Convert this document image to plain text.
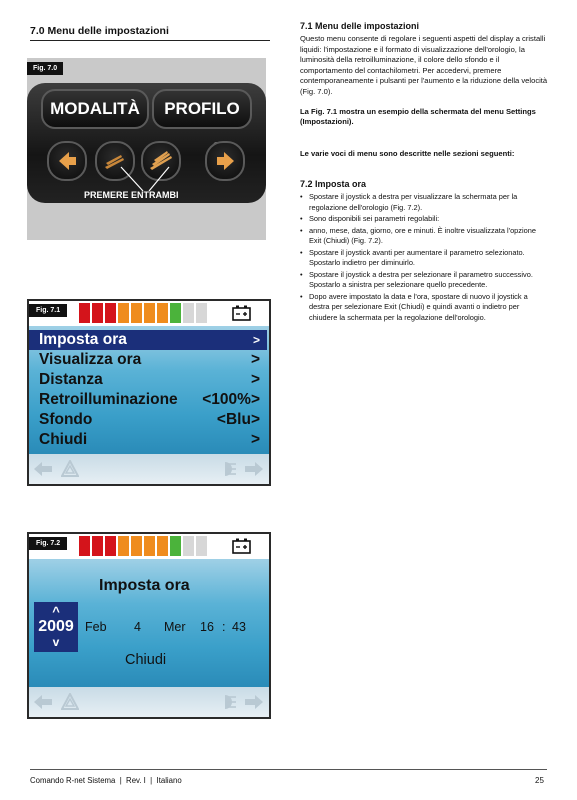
7.0 Menu delle impostazioni
Fig. 7.0
MODALITÀ	PROFILO
PREMERE ENTRAMBI
Fig. 7.1
Imposta ora	>
Visualizza ora	>
Distanza	>
Retroilluminazione <100%>
Sfondo	<Blu>
Chiudi	>
Fig. 7.2
Imposta ora
^
2009
v
Feb 4 Mer 16 : 43
Chiudi
7.1 Menu delle impostazioni
Questo menu consente di regolare i seguenti aspetti del display a cristalli liquidi: l'impostazione e il formato di visualizzazione dell'orologio, la luminosità della retroilluminazione, il colore dello sfondo e il comportamento del contachilometri. Per accedervi, premere contemporaneamente i pulsanti per l'aumento e la riduzione della velocità (Fig. 7.0).
La Fig. 7.1 mostra un esempio della schermata del menu Settings (Impostazioni).
Le varie voci di menu sono descritte nelle sezioni seguenti:
7.2 Imposta ora
• Spostare il joystick a destra per visualizzare la schermata per la regolazione dell'orologio (Fig. 7.2).
• Sono disponibili sei parametri regolabili:
• anno, mese, data, giorno, ore e minuti. È inoltre visualizzata l'opzione Exit (Chiudi) (Fig. 7.2).
• Spostare il joystick avanti per aumentare il parametro selezionato. Spostarlo indietro per diminuirlo.
• Spostare il joystick a destra per selezionare il parametro successivo. Spostarlo a sinistra per selezionare quello precedente.
• Dopo avere impostato la data e l'ora, spostare di nuovo il joystick a destra per selezionare Exit (Chiudi) e quindi avanti o indietro per chiudere la schermata per la regolazione dell'orologio.
Comando R-net Sistema  |  Rev. I  |  Italiano	25
